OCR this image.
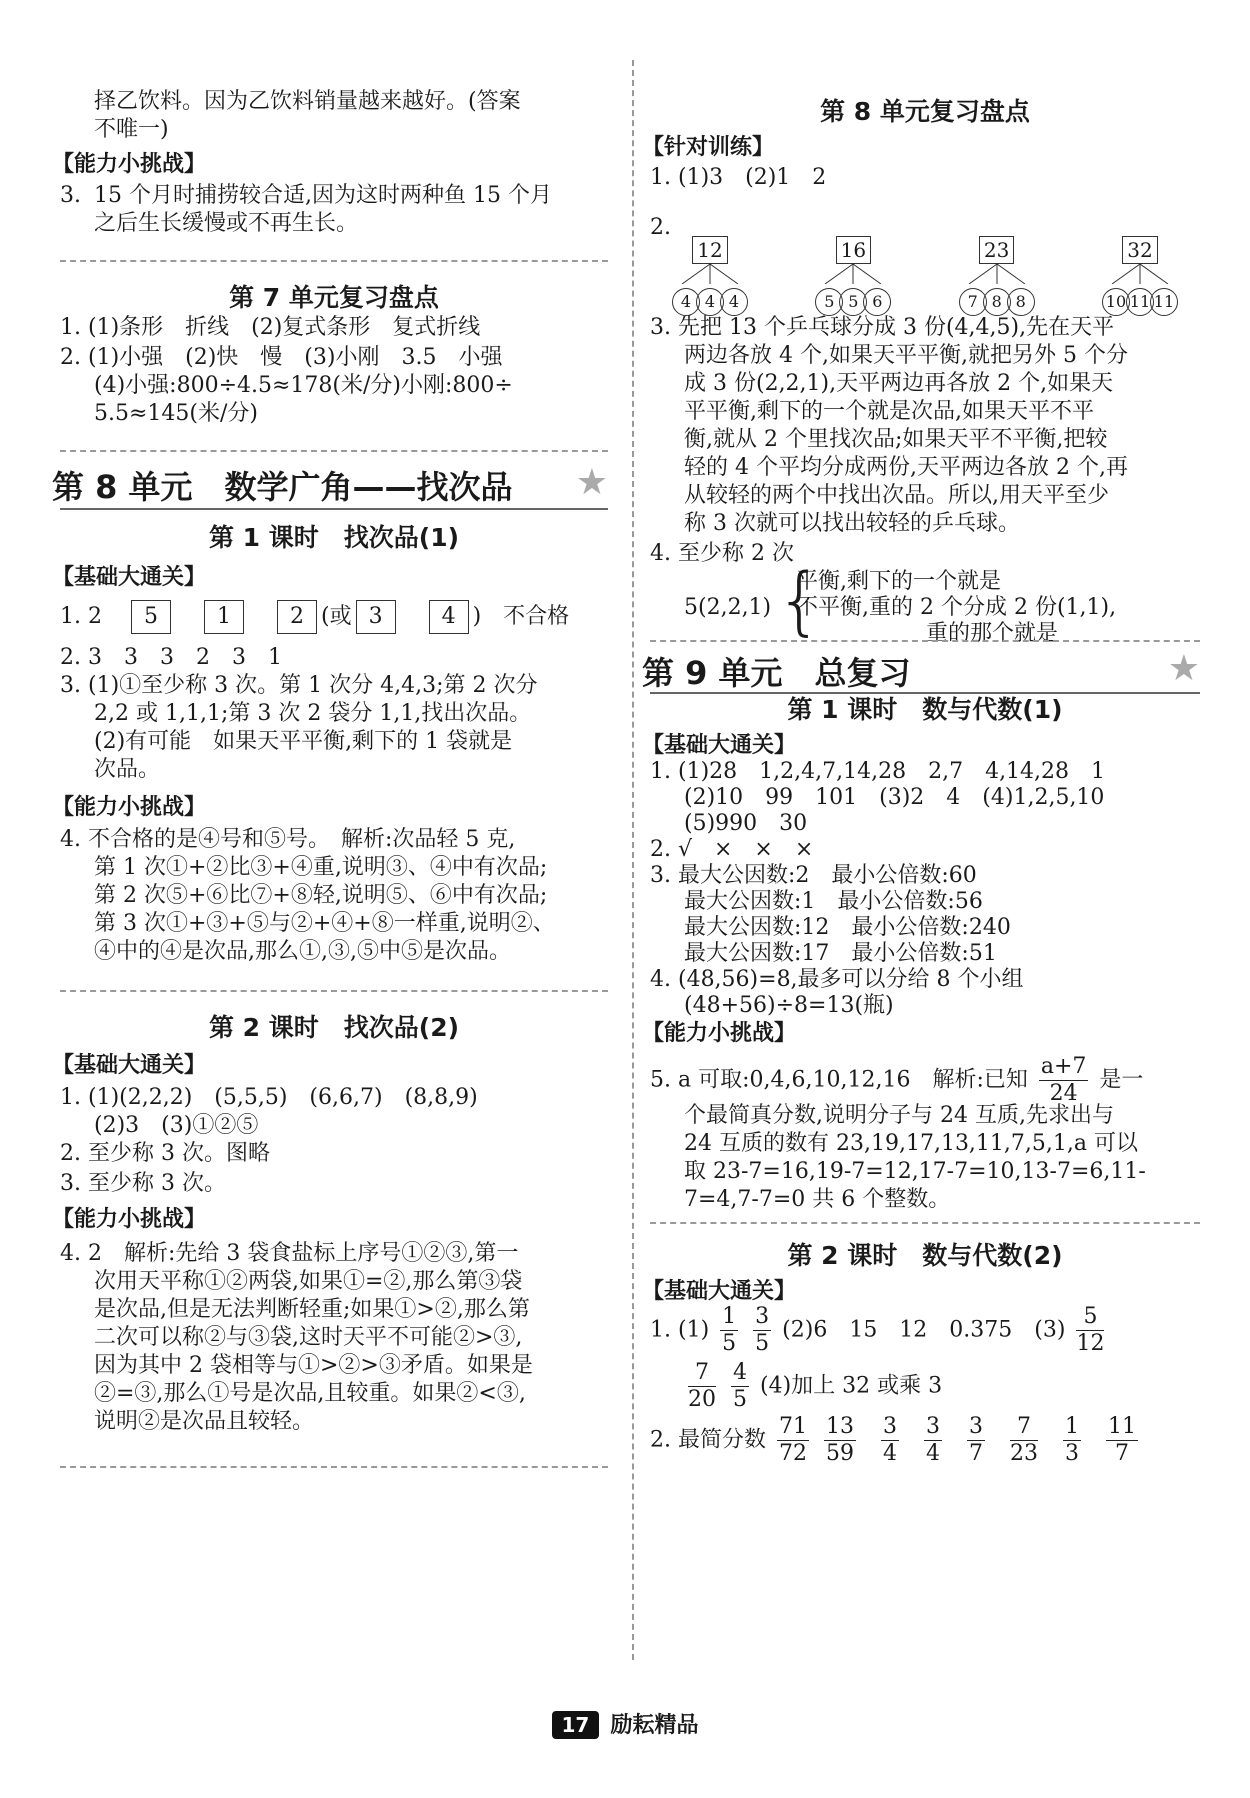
择乙饮料。因为乙饮料销量越来越好。(答案
不唯一)
【能力小挑战】
3. 15 个月时捕捞较合适,因为这时两种鱼 15 个月
之后生长缓慢或不再生长。
第 7 单元复习盘点
1. (1)条形　折线　(2)复式条形　复式折线
2. (1)小强　(2)快　慢　(3)小刚　3.5　小强
(4)小强:800÷4.5≈178(米/分)小刚:800÷
5.5≈145(米/分)
第 8 单元　数学广角——找次品 ★
第 1 课时　找次品(1)
【基础大通关】
1. 2 5	1	2 (或 3	4 )　不合格
2. 3　3　3　2　3　1
3. (1)①至少称 3 次。第 1 次分 4,4,3;第 2 次分
2,2 或 1,1,1;第 3 次 2 袋分 1,1,找出次品。
(2)有可能　如果天平平衡,剩下的 1 袋就是
次品。
【能力小挑战】
4. 不合格的是④号和⑤号。　解析:次品轻 5 克,
第 1 次①+②比③+④重,说明③、④中有次品;
第 2 次⑤+⑥比⑦+⑧轻,说明⑤、⑥中有次品;
第 3 次①+③+⑤与②+④+⑧一样重,说明②、
④中的④是次品,那么①,③,⑤中⑤是次品。
第 2 课时　找次品(2)
【基础大通关】
1. (1)(2,2,2)　(5,5,5)　(6,6,7)　(8,8,9)
(2)3　(3)①②⑤
2. 至少称 3 次。图略
3. 至少称 3 次。
【能力小挑战】
4. 2　解析:先给 3 袋食盐标上序号①②③,第一
次用天平称①②两袋,如果①=②,那么第③袋
是次品,但是无法判断轻重;如果①>②,那么第
二次可以称②与③袋,这时天平不可能②>③,
因为其中 2 袋相等与①>②>③矛盾。如果是
②=③,那么①号是次品,且较重。如果②<③,
说明②是次品且较轻。
第 8 单元复习盘点
【针对训练】
1. (1)3　(2)1　2
2.
12
4 4 4
16
5 5 6
23
7 8 8
32
10 11 11
3. 先把 13 个乒乓球分成 3 份(4,4,5),先在天平
两边各放 4 个,如果天平平衡,就把另外 5 个分
成 3 份(2,2,1),天平两边再各放 2 个,如果天
平平衡,剩下的一个就是次品,如果天平不平
衡,就从 2 个里找次品;如果天平不平衡,把较
轻的 4 个平均分成两份,天平两边各放 2 个,再
从较轻的两个中找出次品。所以,用天平至少
称 3 次就可以找出较轻的乒乓球。
4. 至少称 2 次
5(2,2,1) {
平衡,剩下的一个就是
不平衡,重的 2 个分成 2 份(1,1),
重的那个就是
第 9 单元　总复习	★
第 1 课时　数与代数(1)
【基础大通关】
1. (1)28　1,2,4,7,14,28　2,7　4,14,28　1
(2)10　99　101　(3)2　4　(4)1,2,5,10
(5)990　30
2. √　×　×　×
3. 最大公因数:2　最小公倍数:60
最大公因数:1　最小公倍数:56
最大公因数:12　最小公倍数:240
最大公因数:17　最小公倍数:51
4. (48,56)=8,最多可以分给 8 个小组
(48+56)÷8=13(瓶)
【能力小挑战】
5. a 可取:0,4,6,10,12,16　解析:已知 $\frac{a+7}{24}$ 是一
个最简真分数,说明分子与 24 互质,先求出与
24 互质的数有 23,19,17,13,11,7,5,1,a 可以
取 23-7=16,19-7=12,17-7=10,13-7=6,11-
7=4,7-7=0 共 6 个整数。
第 2 课时　数与代数(2)
【基础大通关】
1. $(1) \frac{1}{5}$
$\frac{3}{5} (2)6$　15　12　0.375　$(3) \frac{5}{12}$
$\frac{7}{20}$
$\frac{4}{5} (4)$加上 32 或乘 3
2. 最简分数 $\frac{71}{72}$
$\frac{13}{59}$
$\frac{3}{4}$
$\frac{3}{4}$
$\frac{3}{7}$
$\frac{7}{23}$
$\frac{1}{3}$
$\frac{11}{7}$
17 励耘精品
